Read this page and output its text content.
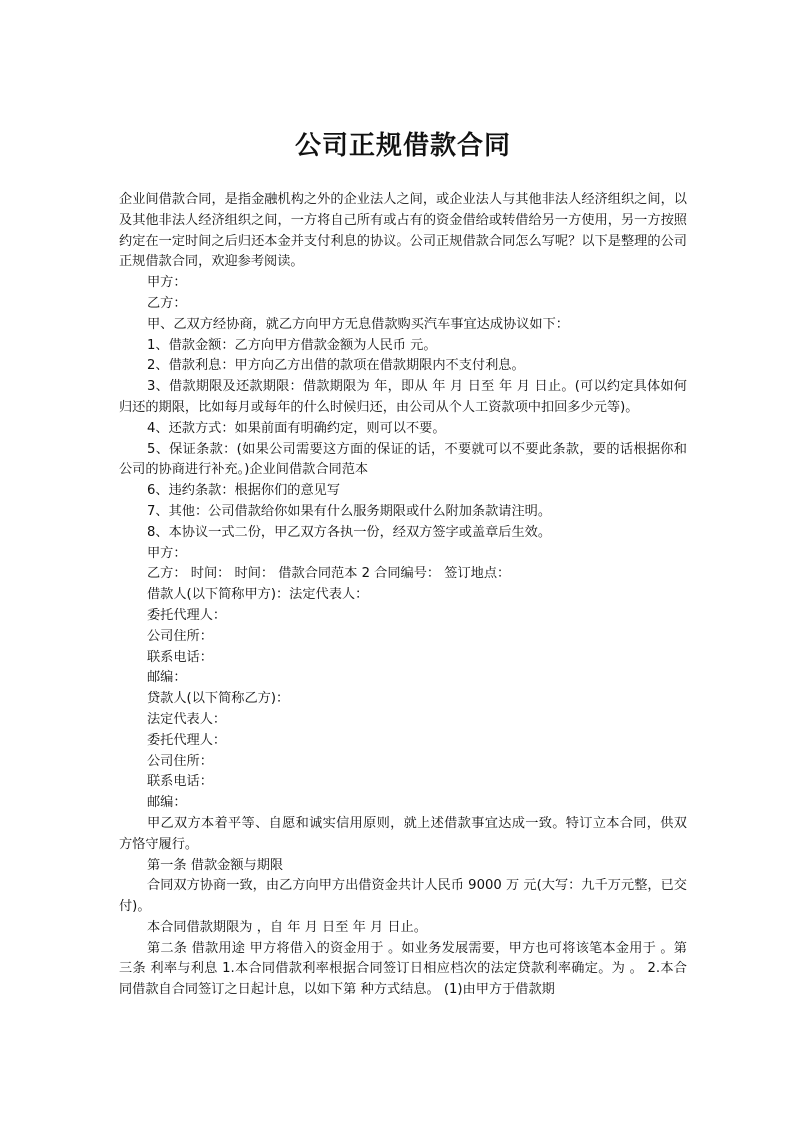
公司正规借款合同

企业间借款合同，是指金融机构之外的企业法人之间，或企业法人与其他非法人经济组织之间，以及其他非法人经济组织之间，一方将自己所有或占有的资金借给或转借给另一方使用，另一方按照约定在一定时间之后归还本金并支付利息的协议。公司正规借款合同怎么写呢？以下是整理的公司正规借款合同，欢迎参考阅读。

甲方：

乙方：

甲、乙双方经协商，就乙方向甲方无息借款购买汽车事宜达成协议如下：

1、借款金额：乙方向甲方借款金额为人民币 元。

2、借款利息：甲方向乙方出借的款项在借款期限内不支付利息。

3、借款期限及还款期限：借款期限为 年，即从 年 月 日至 年 月 日止。(可以约定具体如何归还的期限，比如每月或每年的什么时候归还，由公司从个人工资款项中扣回多少元等)。

4、还款方式：如果前面有明确约定，则可以不要。

5、保证条款：(如果公司需要这方面的保证的话，不要就可以不要此条款，要的话根据你和公司的协商进行补充。)企业间借款合同范本

6、违约条款：根据你们的意见写

7、其他：公司借款给你如果有什么服务期限或什么附加条款请注明。

8、本协议一式二份，甲乙双方各执一份，经双方签字或盖章后生效。

甲方：

乙方： 时间： 时间： 借款合同范本 2 合同编号： 签订地点：

借款人(以下简称甲方)：法定代表人：

委托代理人：

公司住所：

联系电话：

邮编：

贷款人(以下简称乙方)：

法定代表人：

委托代理人：

公司住所：

联系电话：

邮编：

甲乙双方本着平等、自愿和诚实信用原则，就上述借款事宜达成一致。特订立本合同，供双方恪守履行。

第一条 借款金额与期限

合同双方协商一致，由乙方向甲方出借资金共计人民币 9000 万 元(大写：九千万元整，已交付)。

本合同借款期限为 ，自 年 月 日至 年 月 日止。

第二条 借款用途 甲方将借入的资金用于 。如业务发展需要，甲方也可将该笔本金用于 。第三条 利率与利息 1.本合同借款利率根据合同签订日相应档次的法定贷款利率确定。为 。 2.本合同借款自合同签订之日起计息，以如下第 种方式结息。 (1)由甲方于借款期
